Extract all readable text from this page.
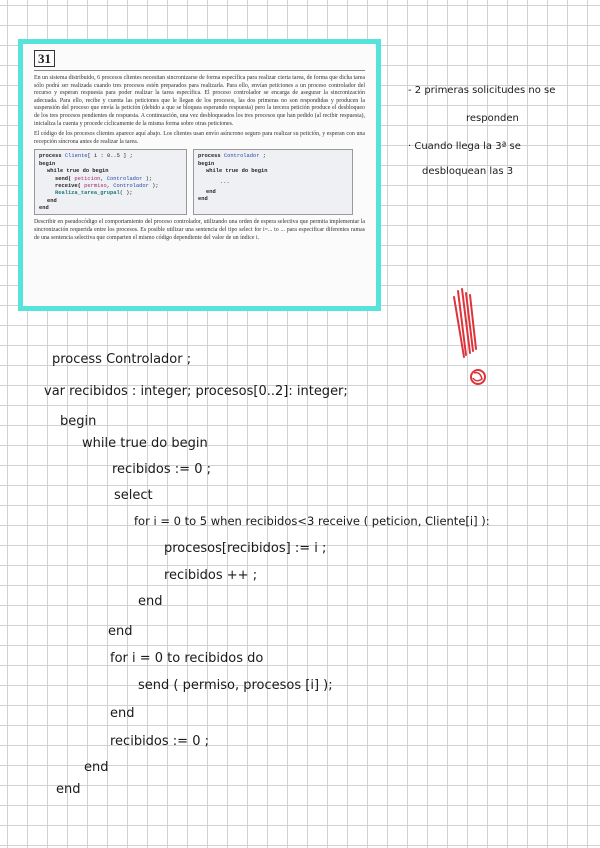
31

En un sistema distribuido, 6 procesos clientes necesitan sincronizarse de forma específica para realizar cierta tarea, de forma que dicha tarea sólo podrá ser realizada cuando tres procesos estén preparados para realizarla. Para ello, envían peticiones a un proceso controlador del recurso y esperan respuesta para poder realizar la tarea específica. El proceso controlador se encarga de asegurar la sincronización adecuada. Para ello, recibe y cuenta las peticiones que le llegan de los procesos, las dos primeras no son respondidas y producen la suspensión del proceso que envía la petición (debido a que se bloquea esperando respuesta) pero la tercera petición produce el desbloqueo de los tres procesos pendientes de respuesta. A continuación, una vez desbloqueados los tres procesos que han pedido (al recibir respuesta), inicializa la cuenta y procede cíclicamente de la misma forma sobre otras peticiones.

El código de los procesos clientes aparece aquí abajo. Los clientes usan envío asíncrono seguro para realizar su petición, y esperan con una recepción síncrona antes de realizar la tarea.

process Cliente[ i : 0..5 ] ;
begin
while true do begin
send( peticion, Controlador );
receive( permiso, Controlador );
Realiza_tarea_grupal( );
end
end
process Controlador ;
begin
while true do begin
...
end
end

Describir en pseudocódigo el comportamiento del proceso controlador, utilizando una orden de espera selectiva que permita implementar la sincronización requerida entre los procesos. Es posible utilizar una sentencia del tipo select for i=... to ... para especificar diferentes ramas de una sentencia selectiva que comparten el mismo código dependiente del valor de un índice i.

- 2 primeras solicitudes no se
responden
· Cuando llega la 3ª se
desbloquean las 3
process Controlador ;
var recibidos : integer; procesos[0..2]: integer;
begin
while true do begin
recibidos := 0 ;
select
for i = 0 to 5 when recibidos<3 receive ( peticion, Cliente[i] ):
procesos[recibidos] := i ;
recibidos ++ ;
end
end
for i = 0 to recibidos do
send ( permiso, procesos [i] );
end
recibidos := 0 ;
end
end
